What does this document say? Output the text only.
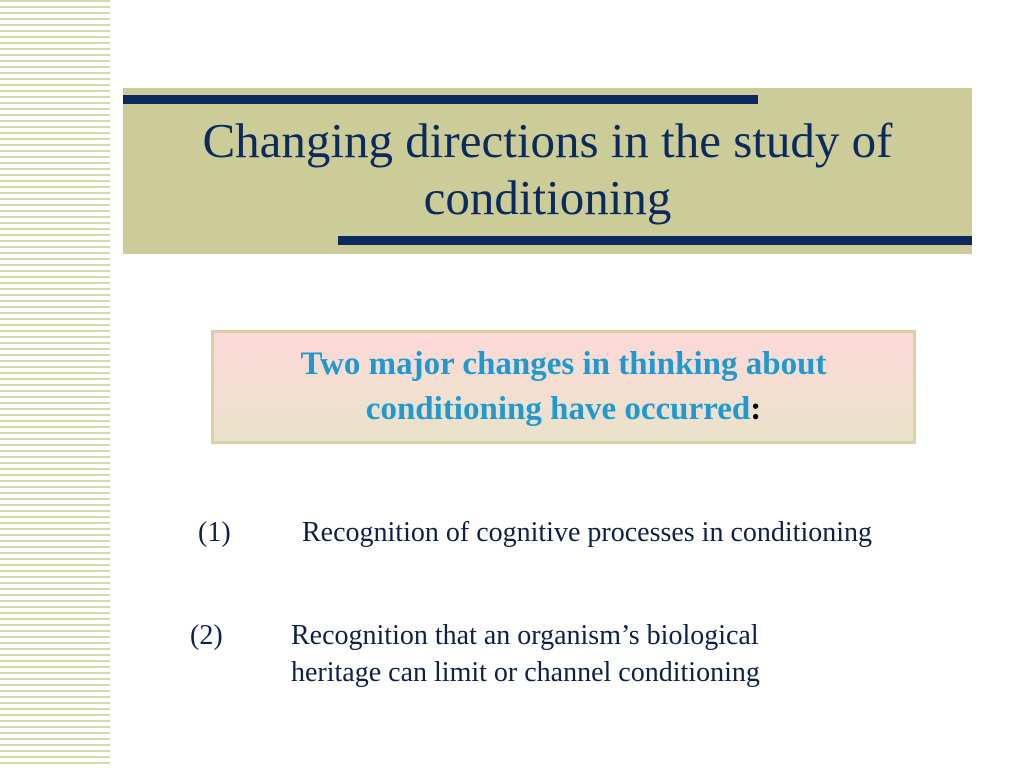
Changing directions in the study of
conditioning

Two major changes in thinking about conditioning have occurred:

(1)	Recognition of cognitive processes in conditioning
(2) Recognition that an organism’s biological
heritage can limit or channel conditioning
